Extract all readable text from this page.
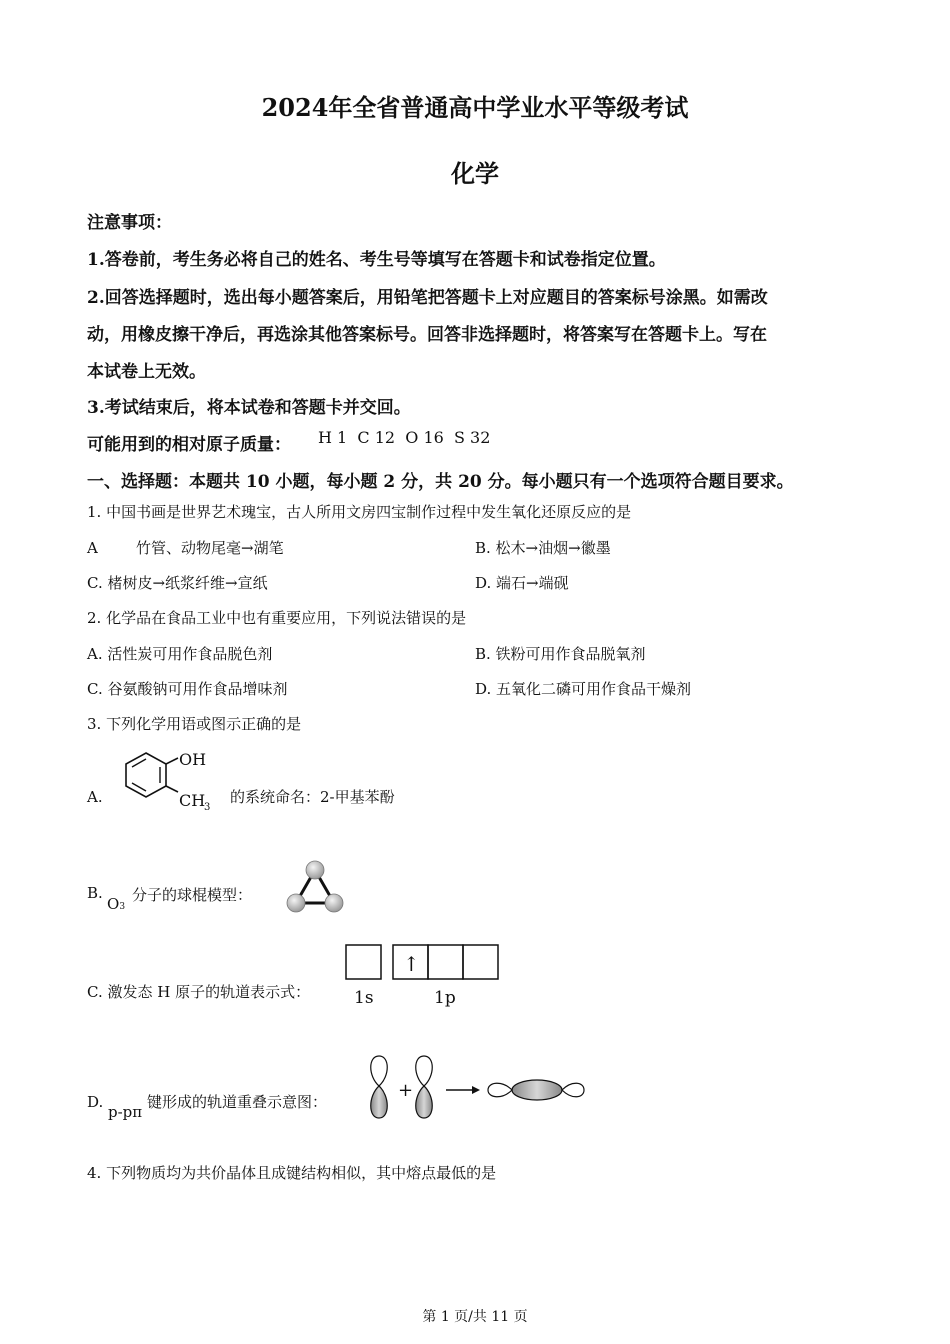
2024年全省普通高中学业水平等级考试
化学
注意事项：
1.答卷前，考生务必将自己的姓名、考生号等填写在答题卡和试卷指定位置。
2.回答选择题时，选出每小题答案后，用铅笔把答题卡上对应题目的答案标号涂黑。如需改
动，用橡皮擦干净后，再选涂其他答案标号。回答非选择题时，将答案写在答题卡上。写在
本试卷上无效。
3.考试结束后，将本试卷和答题卡并交回。
可能用到的相对原子质量： H 1  C 12  O 16  S 32
一、选择题：本题共 10 小题，每小题 2 分，共 20 分。每小题只有一个选项符合题目要求。
1. 中国书画是世界艺术瑰宝，古人所用文房四宝制作过程中发生氧化还原反应的是
A	竹管、动物尾毫→湖笔	B. 松木→油烟→徽墨
C. 楮树皮→纸浆纤维→宣纸	D. 端石→端砚
2. 化学品在食品工业中也有重要应用，下列说法错误的是
A. 活性炭可用作食品脱色剂	B. 铁粉可用作食品脱氧剂
C. 谷氨酸钠可用作食品增味剂	D. 五氧化二磷可用作食品干燥剂
3. 下列化学用语或图示正确的是
A.
OH
CH
3
的系统命名：2-甲基苯酚
B.
O3
分子的球棍模型：
C. 激发态 H 原子的轨道表示式：
↑
1s	1p
D.
p-pπ
键形成的轨道重叠示意图：
+
4. 下列物质均为共价晶体且成键结构相似，其中熔点最低的是
第 1 页/共 11 页
